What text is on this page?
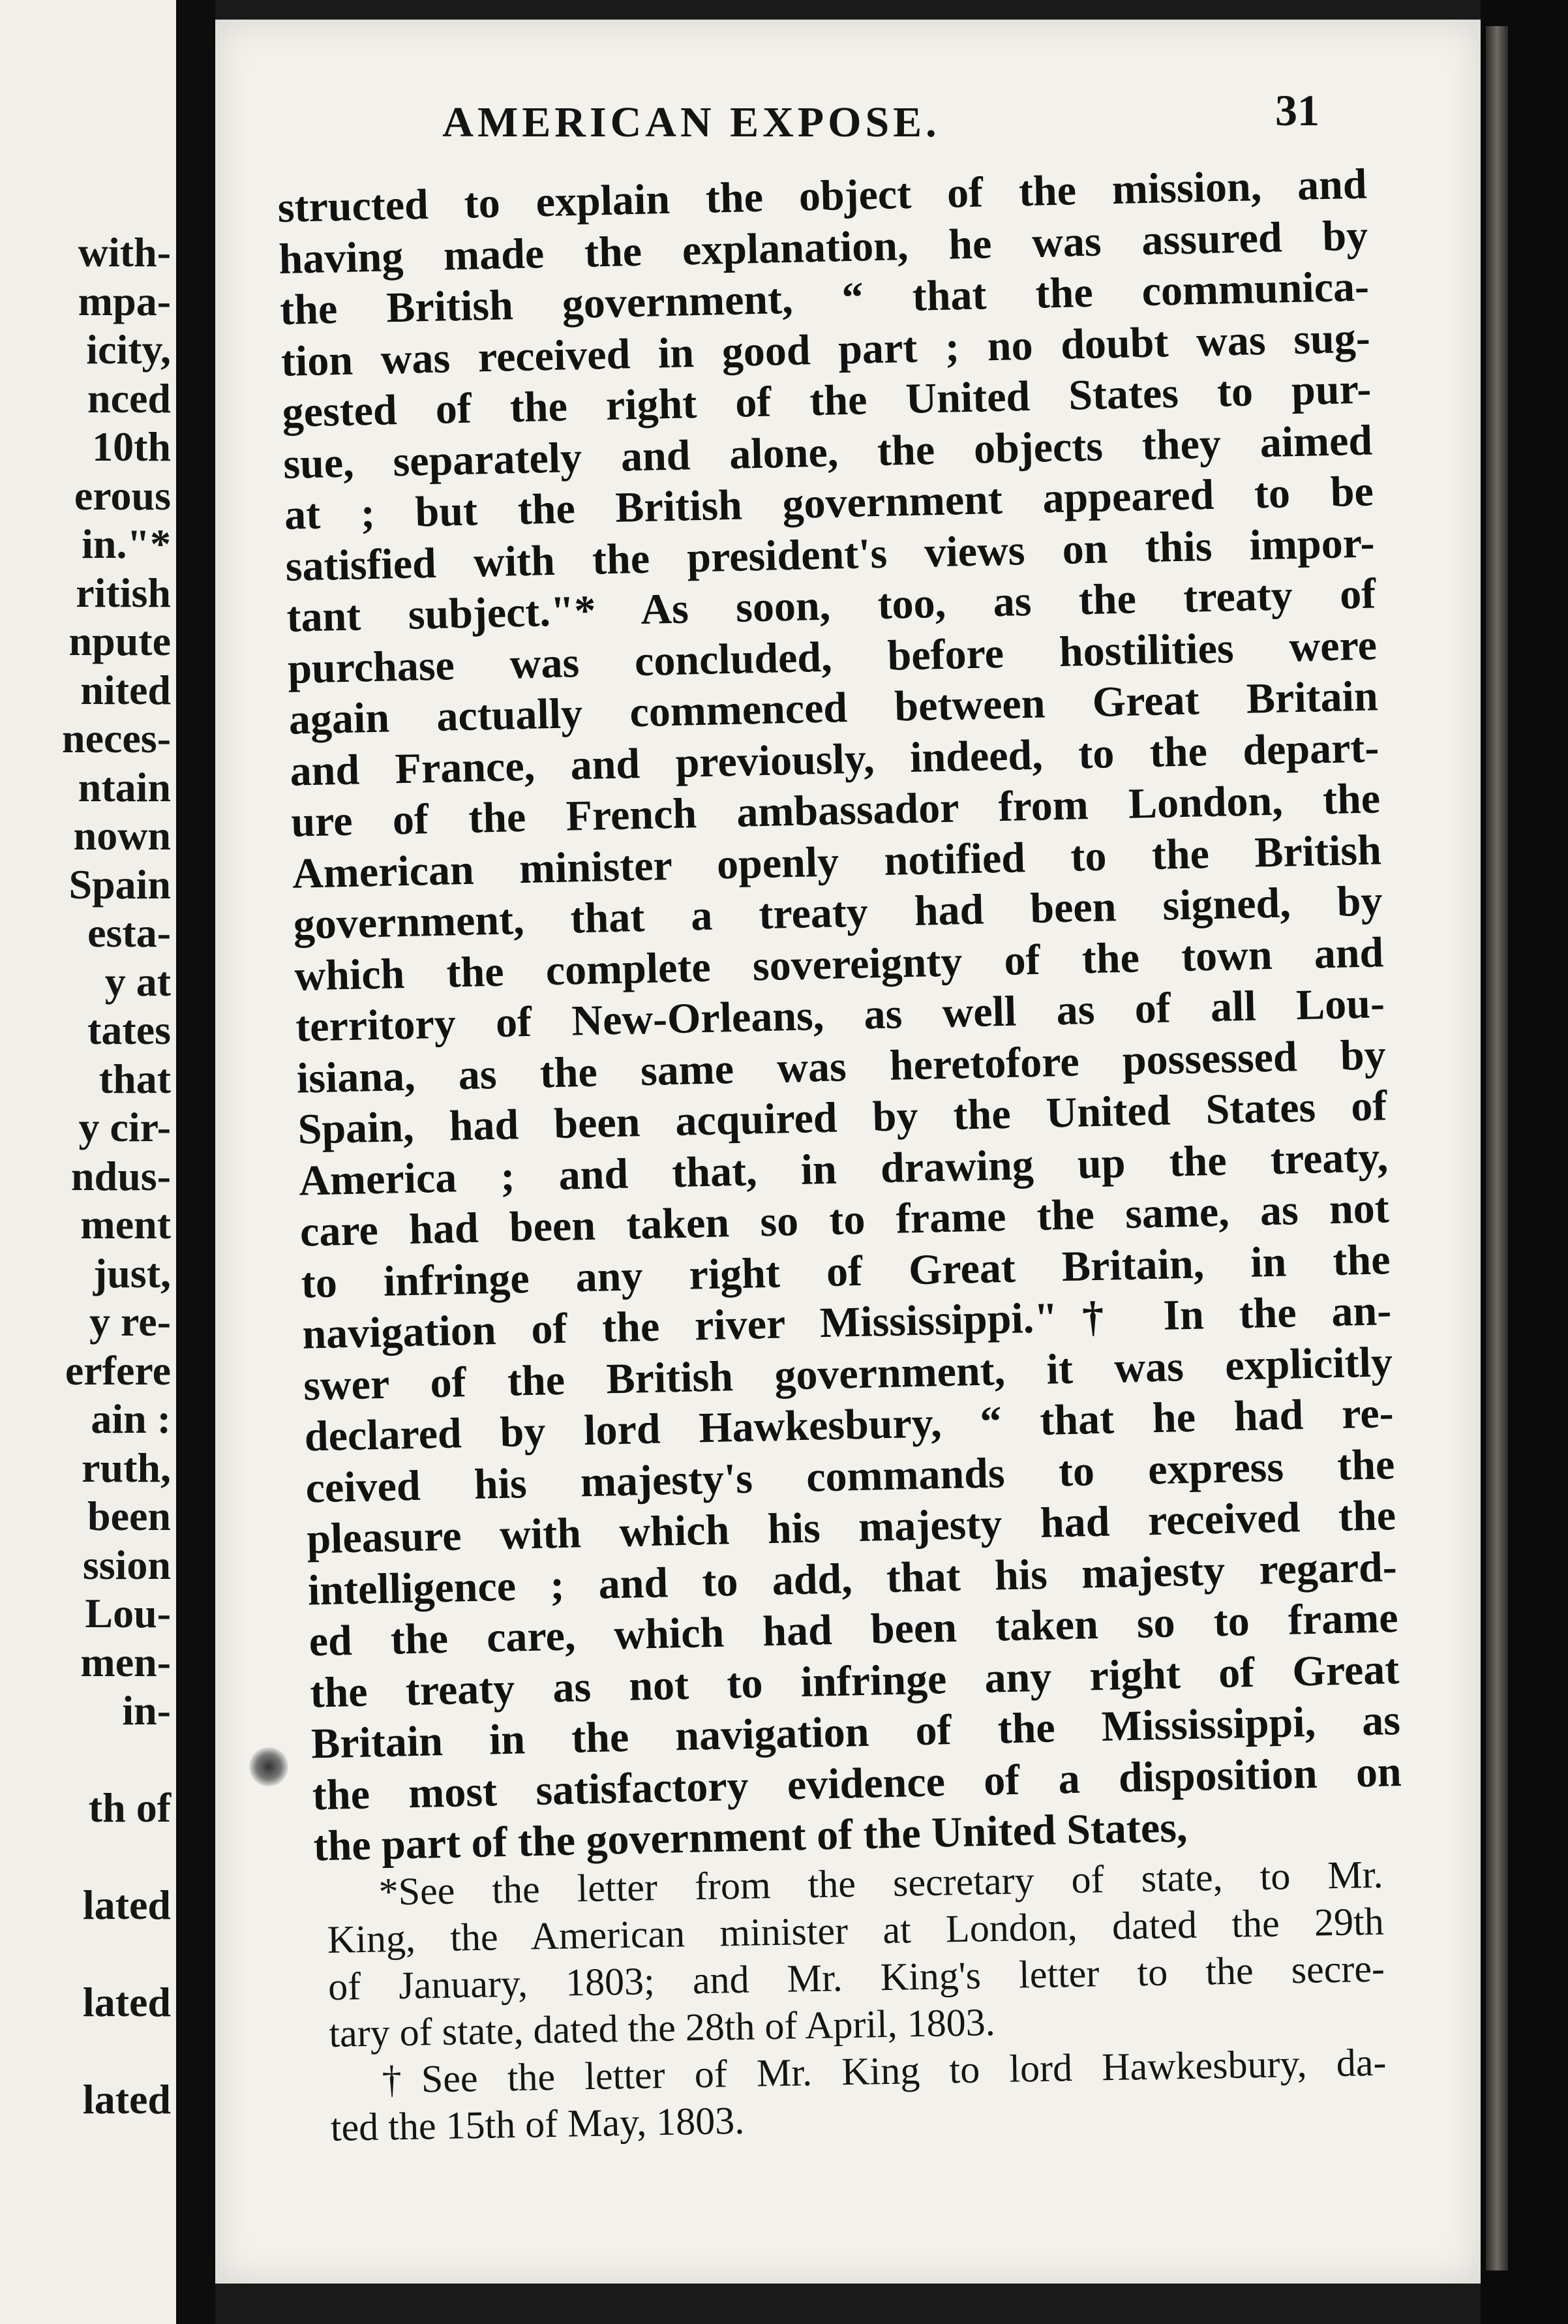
with-
mpa-
icity,
nced
10th
erous
in."*
ritish
npute
nited
neces-
ntain
nown
Spain
esta-
y at
tates
that
y cir-
ndus-
ment
just,
y re-
erfere
ain :
ruth,
been
ssion
Lou-
men-
in-
th of
lated
lated
lated
AMERICAN EXPOSE.	31
structed to explain the object of the mission, and
having made the explanation, he was assured by
the British government, “ that the communica-
tion was received in good part ; no doubt was sug-
gested of the right of the United States to pur-
sue, separately and alone, the objects they aimed
at ; but the British government appeared to be
satisfied with the president's views on this impor-
tant subject."* As soon, too, as the treaty of
purchase was concluded, before hostilities were
again actually commenced between Great Britain
and France, and previously, indeed, to the depart-
ure of the French ambassador from London, the
American minister openly notified to the British
government, that a treaty had been signed, by
which the complete sovereignty of the town and
territory of New-Orleans, as well as of all Lou-
isiana, as the same was heretofore possessed by
Spain, had been acquired by the United States of
America ; and that, in drawing up the treaty,
care had been taken so to frame the same, as not
to infringe any right of Great Britain, in the
navigation of the river Mississippi."† In the an-
swer of the British government, it was explicitly
declared by lord Hawkesbury, “ that he had re-
ceived his majesty's commands to express the
pleasure with which his majesty had received the
intelligence ; and to add, that his majesty regard-
ed the care, which had been taken so to frame
the treaty as not to infringe any right of Great
Britain in the navigation of the Mississippi, as
the most satisfactory evidence of a disposition on
the part of the government of the United States,
*See the letter from the secretary of state, to Mr.
King, the American minister at London, dated the 29th
of January, 1803; and Mr. King's letter to the secre-
tary of state, dated the 28th of April, 1803.
†See the letter of Mr. King to lord Hawkesbury, da-
ted the 15th of May, 1803.
